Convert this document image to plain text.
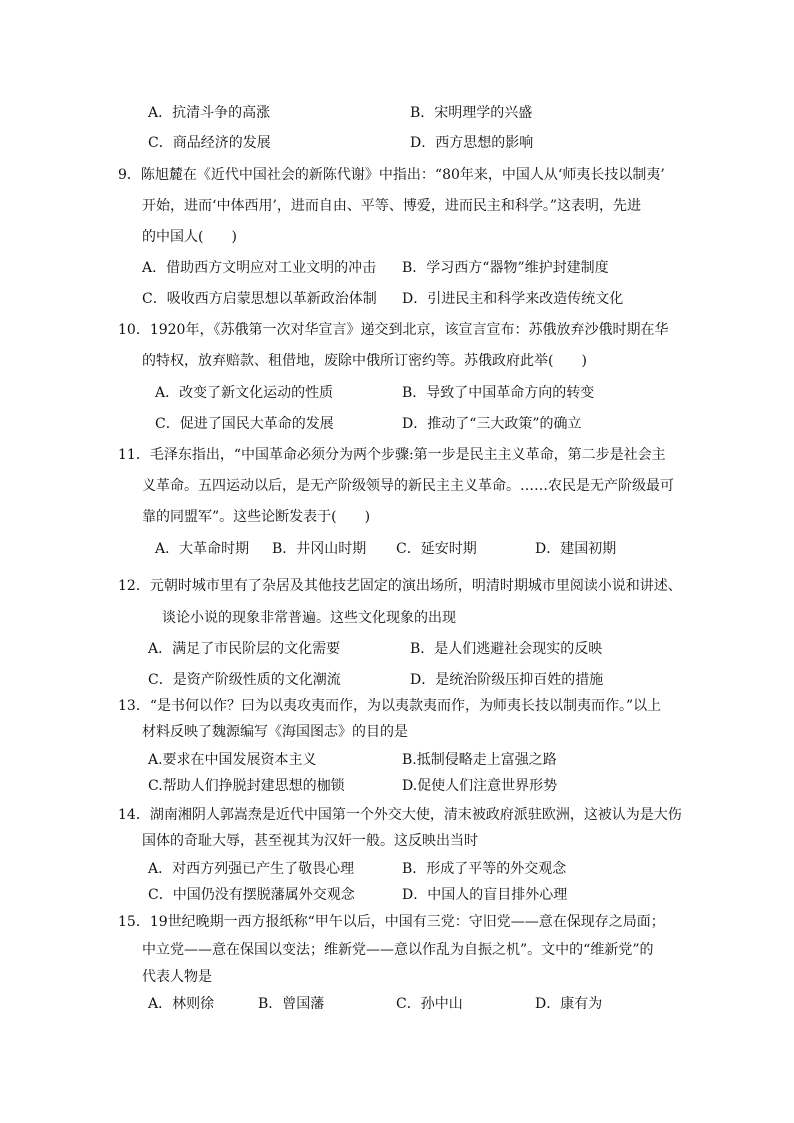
A．抗清斗争的高涨	B．宋明理学的兴盛
C．商品经济的发展	D．西方思想的影响
9．陈旭麓在《近代中国社会的新陈代谢》中指出：“80年来，中国人从‘师夷长技以制夷’
开始，进而‘中体西用’，进而自由、平等、博爱，进而民主和科学。”这表明，先进
的中国人(　　)
A．借助西方文明应对工业文明的冲击 B．学习西方“器物”维护封建制度
C．吸收西方启蒙思想以革新政治体制 D．引进民主和科学来改造传统文化
10．1920年，《苏俄第一次对华宣言》递交到北京，该宣言宣布：苏俄放弃沙俄时期在华
的特权，放弃赔款、租借地，废除中俄所订密约等。苏俄政府此举(　　)
A．改变了新文化运动的性质	B．导致了中国革命方向的转变
C．促进了国民大革命的发展	D．推动了“三大政策”的确立
11．毛泽东指出，“中国革命必须分为两个步骤:第一步是民主主义革命，第二步是社会主
义革命。五四运动以后，是无产阶级领导的新民主主义革命。……农民是无产阶级最可
靠的同盟军”。这些论断发表于(　　)
A．大革命时期 B．井冈山时期 C．延安时期	D．建国初期
12．元朝时城市里有了杂居及其他技艺固定的演出场所，明清时期城市里阅读小说和讲述、
谈论小说的现象非常普遍。这些文化现象的出现
A．满足了市民阶层的文化需要	B．是人们逃避社会现实的反映
C．是资产阶级性质的文化潮流	D．是统治阶级压抑百姓的措施
13．“是书何以作？曰为以夷攻夷而作，为以夷款夷而作，为师夷长技以制夷而作。”以上
材料反映了魏源编写《海国图志》的目的是
A.要求在中国发展资本主义	B.抵制侵略走上富强之路
C.帮助人们挣脱封建思想的枷锁	D.促使人们注意世界形势
14．湖南湘阴人郭嵩焘是近代中国第一个外交大使，清末被政府派驻欧洲，这被认为是大伤
国体的奇耻大辱，甚至视其为汉奸一般。这反映出当时
A．对西方列强已产生了敬畏心理	B．形成了平等的外交观念
C．中国仍没有摆脱藩属外交观念	D．中国人的盲目排外心理
15．19世纪晚期一西方报纸称“甲午以后，中国有三党：守旧党——意在保现存之局面；
中立党——意在保国以变法；维新党——意以作乱为自振之机”。文中的“维新党”的
代表人物是
A．林则徐	B．曾国藩	C．孙中山	D．康有为
